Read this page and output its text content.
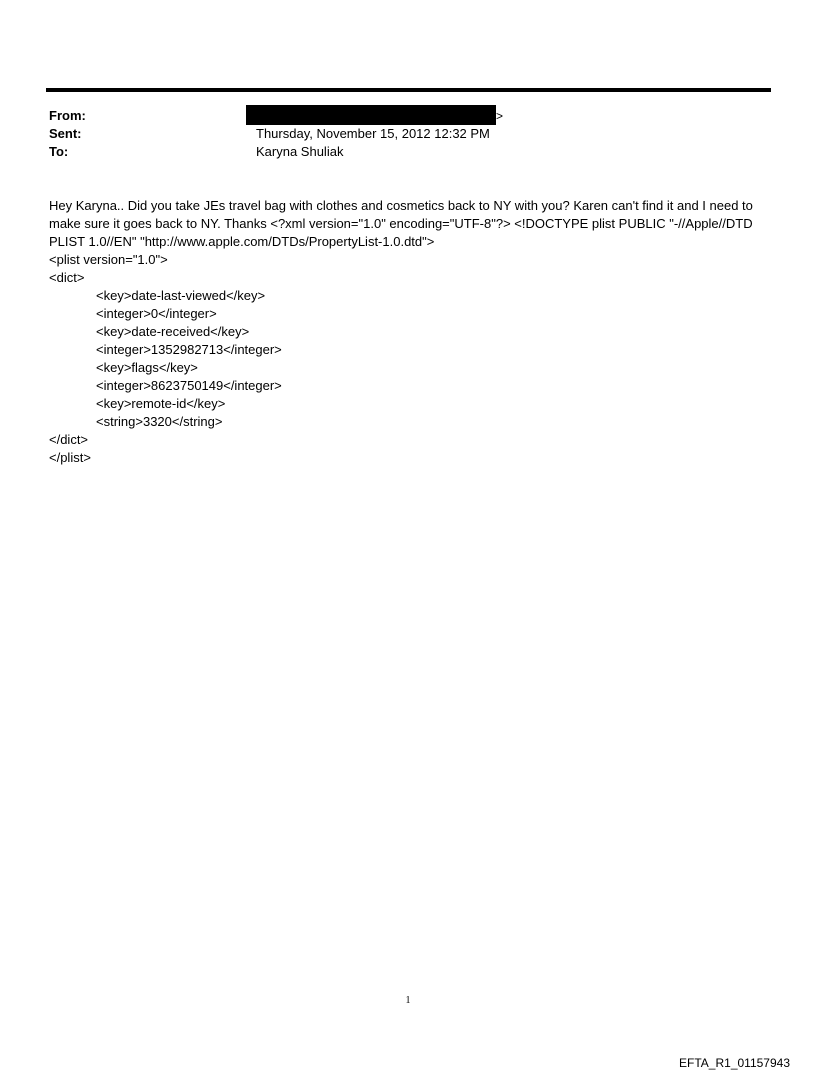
From:	>
Sent:	Thursday, November 15, 2012 12:32 PM
To:	Karyna Shuliak

Hey Karyna.. Did you take JEs travel bag with clothes and cosmetics back to NY with you? Karen can't find it and I need to

make sure it goes back to NY. Thanks <?xml version="1.0" encoding="UTF-8"?> <!DOCTYPE plist PUBLIC "-//Apple//DTD

PLIST 1.0//EN" "http://www.apple.com/DTDs/PropertyList-1.0.dtd">

<plist version="1.0">
<dict>
<key>date-last-viewed</key>
<integer>0</integer>
<key>date-received</key>
<integer>1352982713</integer>
<key>flags</key>
<integer>8623750149</integer>
<key>remote-id</key>
<string>3320</string>
</dict>
</plist>
1
EFTA_R1_01157943
